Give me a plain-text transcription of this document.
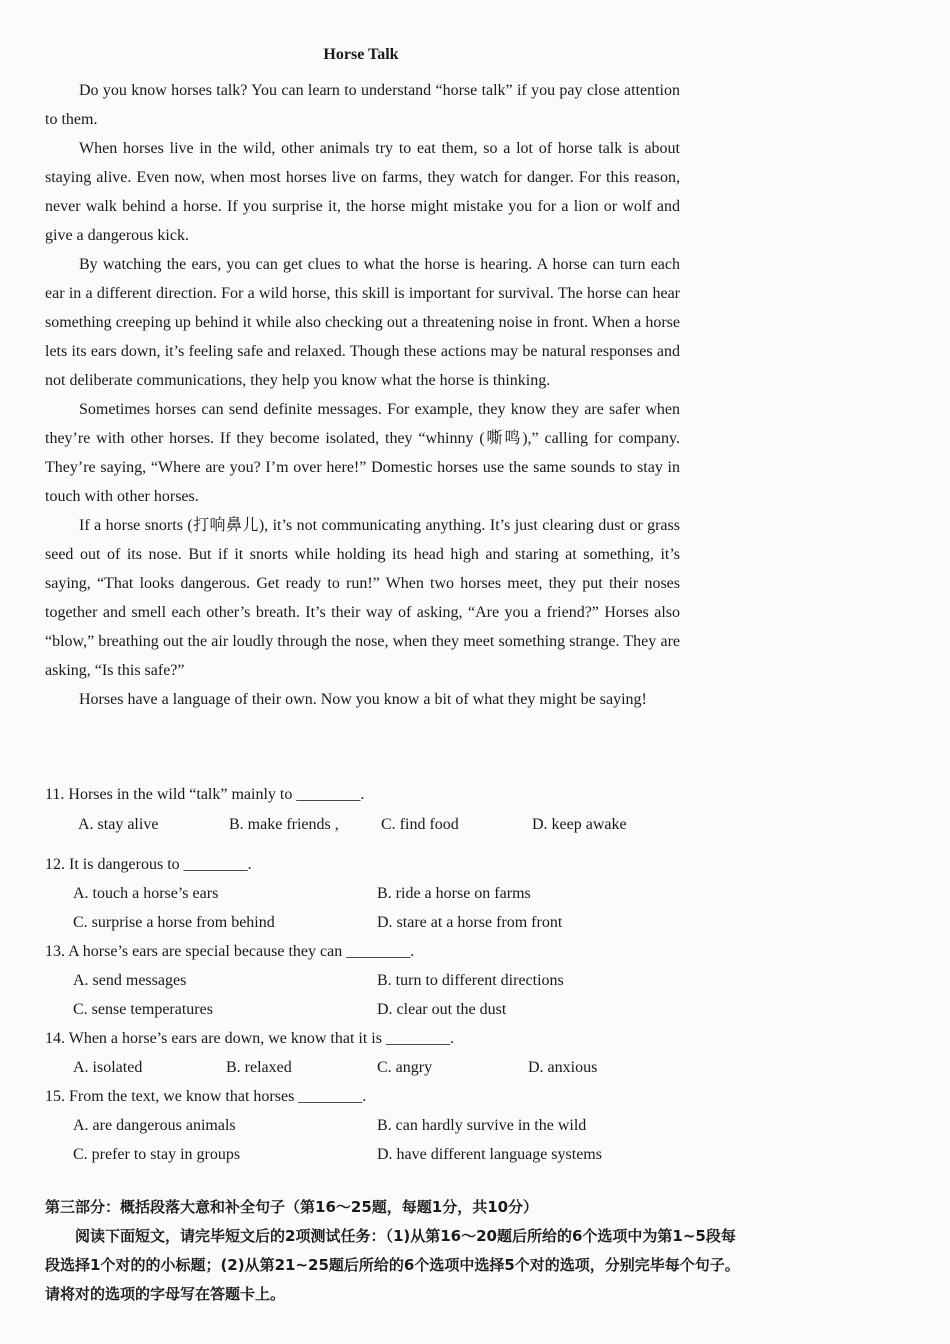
Horse Talk

Do you know horses talk? You can learn to understand “horse talk” if you pay close attention to them.

When horses live in the wild, other animals try to eat them, so a lot of horse talk is about staying alive. Even now, when most horses live on farms, they watch for danger. For this reason, never walk behind a horse. If you surprise it, the horse might mistake you for a lion or wolf and give a dangerous kick.

By watching the ears, you can get clues to what the horse is hearing. A horse can turn each ear in a different direction. For a wild horse, this skill is important for survival. The horse can hear something creeping up behind it while also checking out a threatening noise in front. When a horse lets its ears down, it’s feeling safe and relaxed. Though these actions may be natural responses and not deliberate communications, they help you know what the horse is thinking.

Sometimes horses can send definite messages. For example, they know they are safer when they’re with other horses. If they become isolated, they “whinny (嘶鸣),” calling for company. They’re saying, “Where are you? I’m over here!” Domestic horses use the same sounds to stay in touch with other horses.

If a horse snorts (打响鼻儿), it’s not communicating anything. It’s just clearing dust or grass seed out of its nose. But if it snorts while holding its head high and staring at something, it’s saying, “That looks dangerous. Get ready to run!” When two horses meet, they put their noses together and smell each other’s breath. It’s their way of asking, “Are you a friend?” Horses also “blow,” breathing out the air loudly through the nose, when they meet something strange. They are asking, “Is this safe?”

Horses have a language of their own. Now you know a bit of what they might be saying!

11. Horses in the wild “talk” mainly to ________.
A. stay alive	B. make friends ,	C. find food	D. keep awake
12. It is dangerous to ________.
A. touch a horse’s ears	B. ride a horse on farms
C. surprise a horse from behind	D. stare at a horse from front
13. A horse’s ears are special because they can ________.
A. send messages	B. turn to different directions
C. sense temperatures	D. clear out the dust
14. When a horse’s ears are down, we know that it is ________.
A. isolated	B. relaxed	C. angry	D. anxious
15. From the text, we know that horses ________.
A. are dangerous animals	B. can hardly survive in the wild
C. prefer to stay in groups	D. have different language systems

第三部分：概括段落大意和补全句子（第16～25题，每题1分，共10分）

阅读下面短文，请完毕短文后的2项测试任务：（1)从第16～20题后所给的6个选项中为第1~5段每段选择1个对的的小标题；(2)从第21~25题后所给的6个选项中选择5个对的选项，分别完毕每个句子。请将对的选项的字母写在答题卡上。
